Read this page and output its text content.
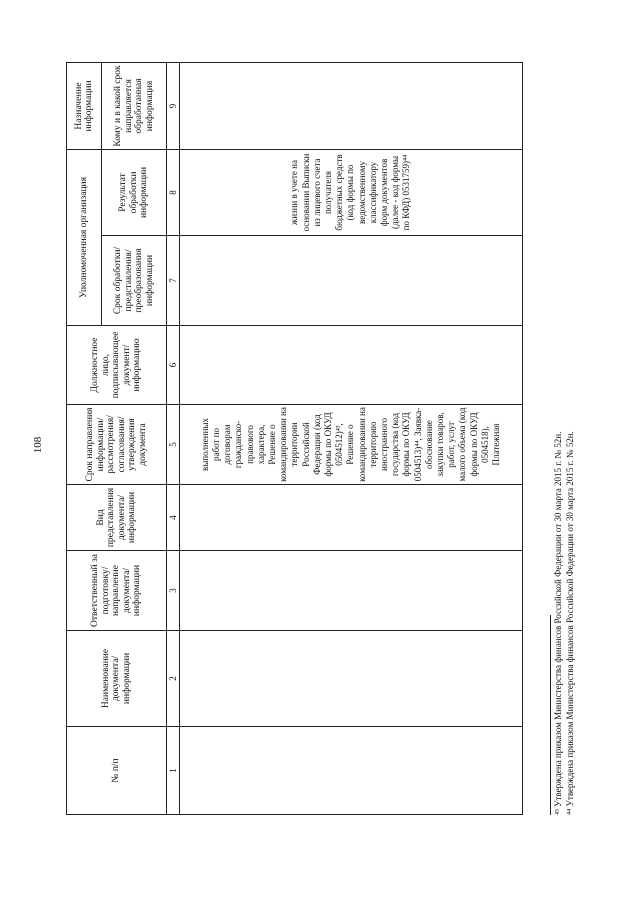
108
№ п/п	Наименование документа/ информации	Ответственный за подготовку/ направление документа/ информации	Вид представления документа/ информации	Срок направления информации/ рассмотрения/ согласования/ утверждения документа	Должностное лицо, подписывающее документ/ информацию	Уполномоченная организация		Назначение информации
						Срок обработки/ представления/ преобразования информации	Результат обработки информации	Кому и в какой срок направляется обработанная информация
1	2	3	4	5	6	7	8	9
				выполненных работ по договорам гражданско-правового характера, Решение о командировании на территории Российской Федерации (код формы по ОКУД 0504512)⁴³, Решение о командировании на территорию иностранного государства (код формы по ОКУД 0504513)⁴⁴, Заявка-обоснование закупки товаров, работ, услуг малого объема (код формы по ОКУД 0504518), Платежная			жизни в учете на основании Выписки из лицевого счета получателя бюджетных средств (код формы по ведомственному классификатору форм документов (далее - код формы по КФД) 0531759)⁴⁴	
⁴³ Утверждена приказом Министерства финансов Российской Федерации от 30 марта 2015 г. № 52н. ⁴⁴ Утверждена приказом Министерства финансов Российской Федерации от 30 марта 2015 г. № 52н.
